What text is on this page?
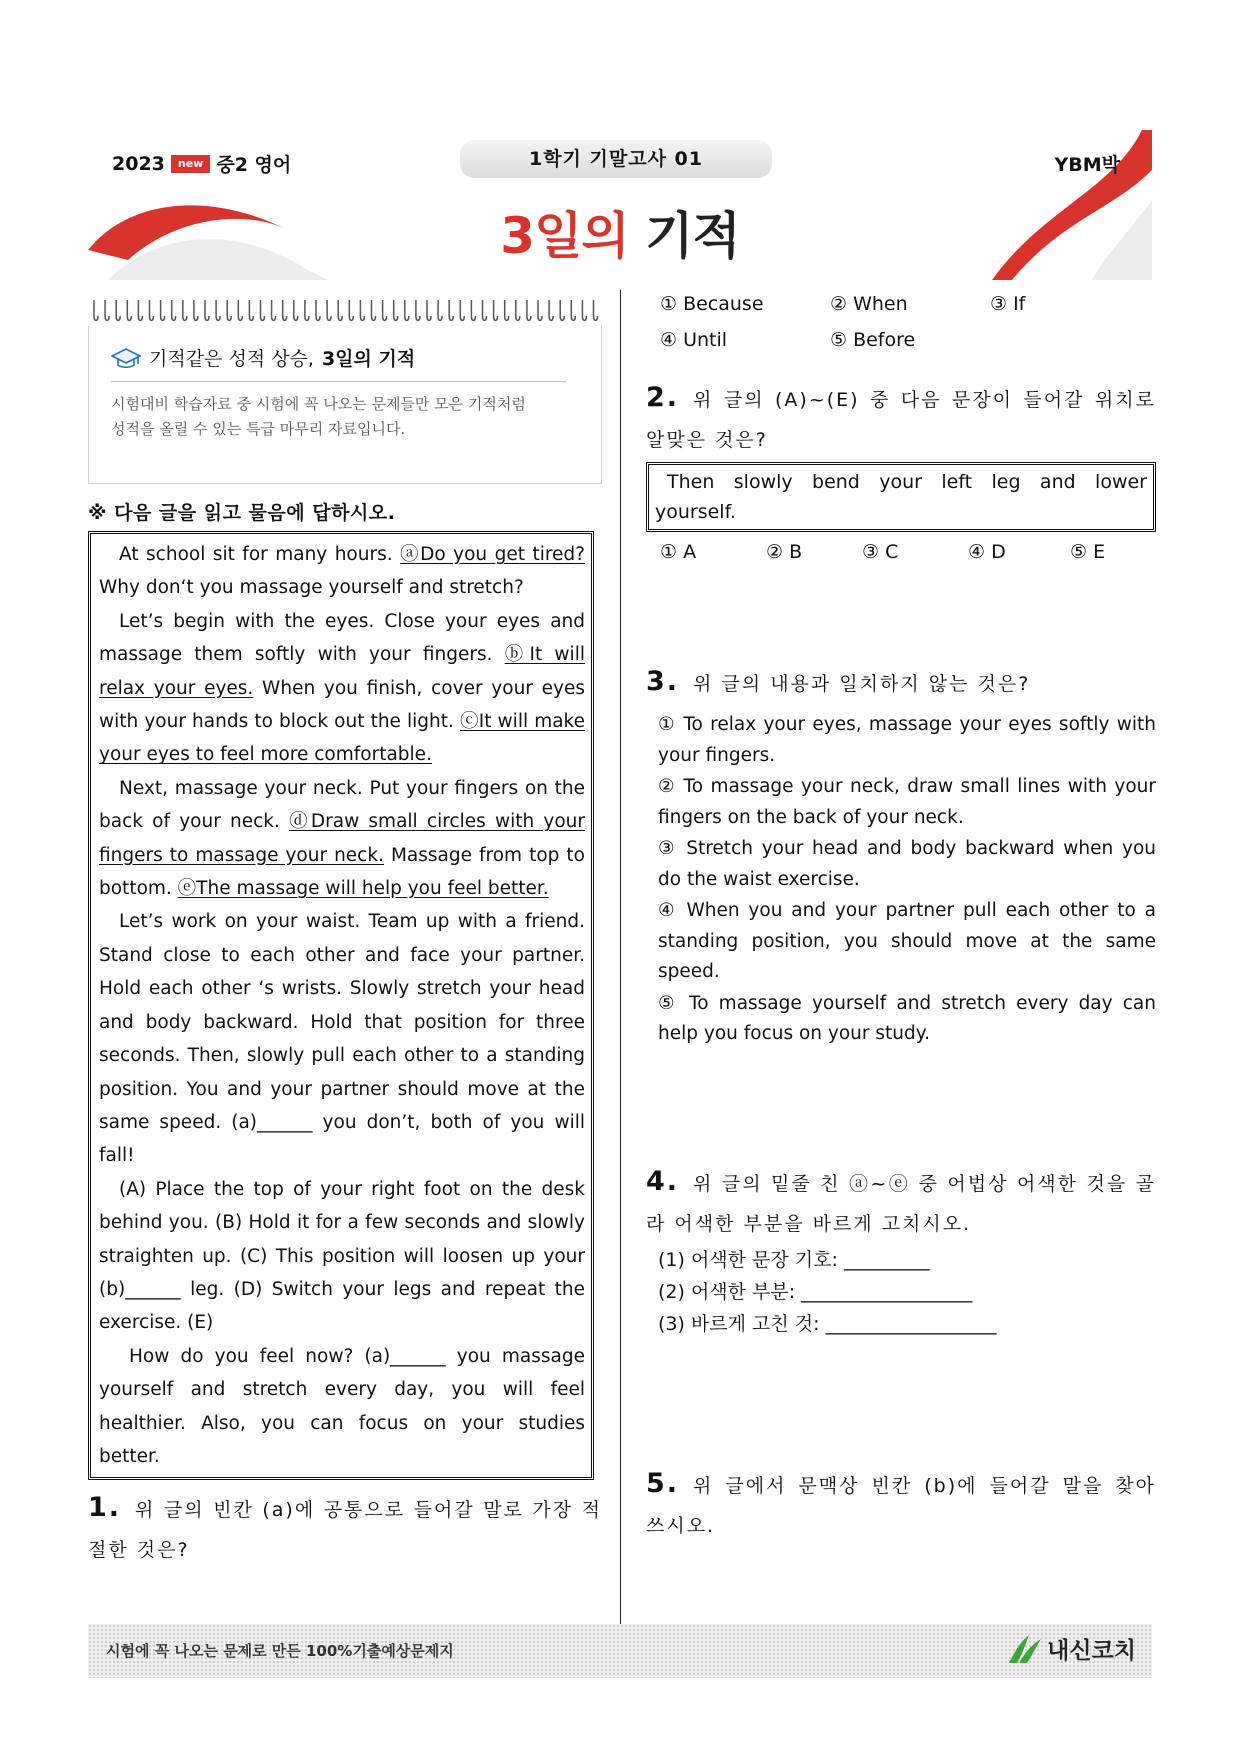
2023	new 중2 영어	1학기 기말고사 01	YBM박
3일의 기적
기적같은 성적 상승, 3일의 기적
시험대비 학습자료 중 시험에 꼭 나오는 문제들만 모은 기적처럼
성적을 올릴 수 있는 특급 마무리 자료입니다.
※ 다음 글을 읽고 물음에 답하시오.

At school sit for many hours. ⓐDo you get tired? Why don‘t you massage yourself and stretch?

Let’s begin with the eyes. Close your eyes and massage them softly with your fingers. ⓑIt will relax your eyes. When you finish, cover your eyes with your hands to block out the light. ⓒIt will make your eyes to feel more comfortable.

Next, massage your neck. Put your fingers on the back of your neck. ⓓDraw small circles with your fingers to massage your neck. Massage from top to bottom. ⓔThe massage will help you feel better.

Let’s work on your waist. Team up with a friend. Stand close to each other and face your partner. Hold each other ‘s wrists. Slowly stretch your head and body backward. Hold that position for three seconds. Then, slowly pull each other to a standing position. You and your partner should move at the same speed. (a)______ you don’t, both of you will fall!

(A) Place the top of your right foot on the desk behind you. (B) Hold it for a few seconds and slowly straighten up. (C) This position will loosen up your (b)______ leg. (D) Switch your legs and repeat the exercise. (E)

How do you feel now? (a)______ you massage yourself and stretch every day, you will feel healthier. Also, you can focus on your studies better.

1. 위 글의 빈칸 (a)에 공통으로 들어갈 말로 가장 적절한 것은?
① Because	② When	③ If
④ Until	⑤ Before
2. 위 글의 (A)~(E) 중 다음 문장이 들어갈 위치로 알맞은 것은?

Then slowly bend your left leg and lower yourself.

① A	② B	③ C	④ D	⑤ E
3. 위 글의 내용과 일치하지 않는 것은?

① To relax your eyes, massage your eyes softly with your fingers.

② To massage your neck, draw small lines with your fingers on the back of your neck.

③ Stretch your head and body backward when you do the waist exercise.

④ When you and your partner pull each other to a standing position, you should move at the same speed.

⑤ To massage yourself and stretch every day can help you focus on your study.

4. 위 글의 밑줄 친 ⓐ~ⓔ 중 어법상 어색한 것을 골라 어색한 부분을 바르게 고치시오.
(1) 어색한 문장 기호: _________
(2) 어색한 부분: __________________
(3) 바르게 고친 것: __________________
5. 위 글에서 문맥상 빈칸 (b)에 들어갈 말을 찾아 쓰시오.
시험에 꼭 나오는 문제로 만든 100%기출예상문제지	내신코치
